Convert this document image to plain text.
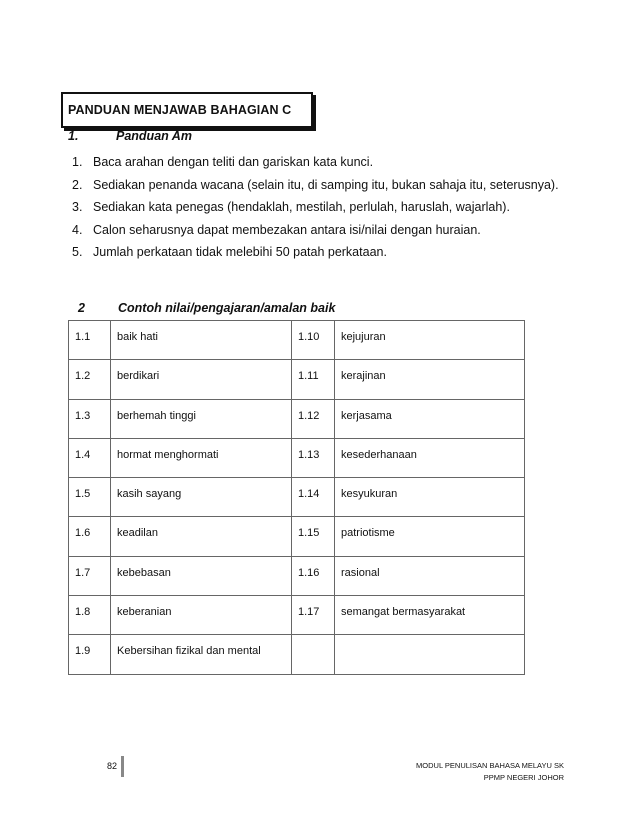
PANDUAN MENJAWAB BAHAGIAN C
1.	Panduan Am
1. Baca arahan dengan teliti dan gariskan kata kunci.
2. Sediakan penanda wacana (selain itu, di samping itu, bukan sahaja itu, seterusnya).
3. Sediakan kata penegas (hendaklah, mestilah, perlulah, haruslah, wajarlah).
4. Calon seharusnya dapat membezakan antara isi/nilai dengan huraian.
5. Jumlah perkataan tidak melebihi 50 patah perkataan.
2	Contoh nilai/pengajaran/amalan baik
1.1	baik hati	1.10	kejujuran
1.2	berdikari	1.11	kerajinan
1.3	berhemah tinggi	1.12	kerjasama
1.4	hormat menghormati	1.13	kesederhanaan
1.5	kasih sayang	1.14	kesyukuran
1.6	keadilan	1.15	patriotisme
1.7	kebebasan	1.16	rasional
1.8	keberanian	1.17	semangat bermasyarakat
1.9	Kebersihan fizikal dan mental		
82	MODUL PENULISAN BAHASA MELAYU SK
PPMP NEGERI JOHOR
